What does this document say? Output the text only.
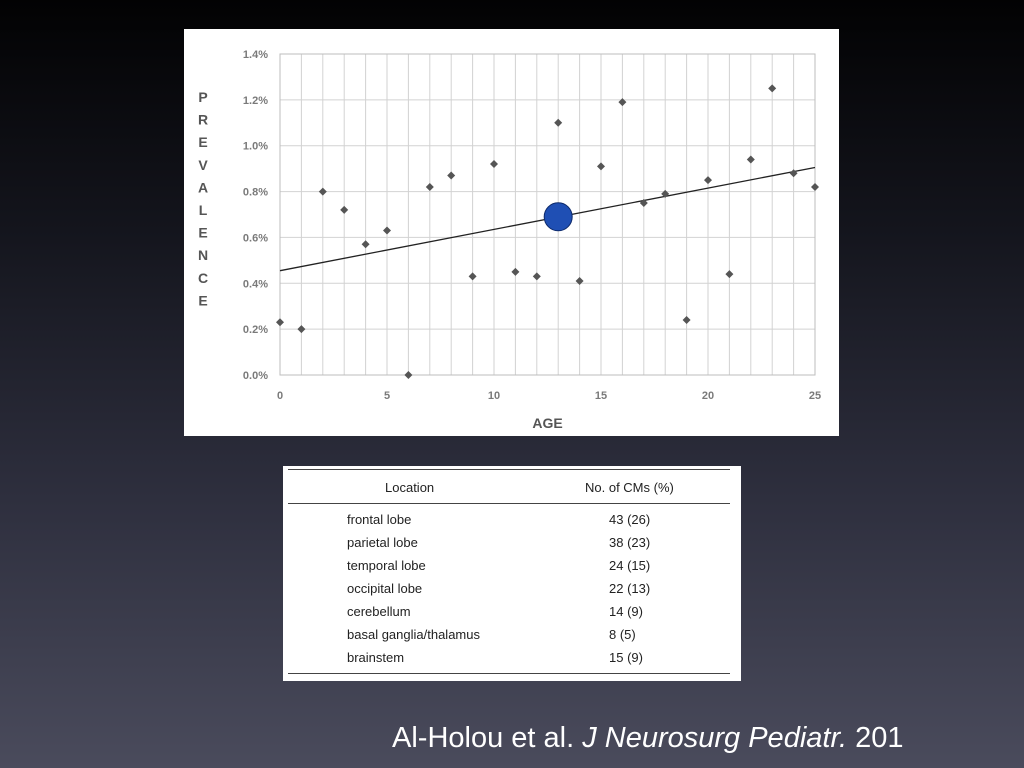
0.0%
0.2%
0.4%
0.6%
0.8%
1.0%
1.2%
1.4%
0	5	10	15	20	25
AGE
P
R
E
V
A
L
E
N
C
E
Location	No. of CMs (%)
frontal lobe	43 (26)
parietal lobe	38 (23)
temporal lobe	24 (15)
occipital lobe	22 (13)
cerebellum	14 (9)
basal ganglia/thalamus	8 (5)
brainstem	15 (9)
Al-Holou et al. J Neurosurg Pediatr. 201
